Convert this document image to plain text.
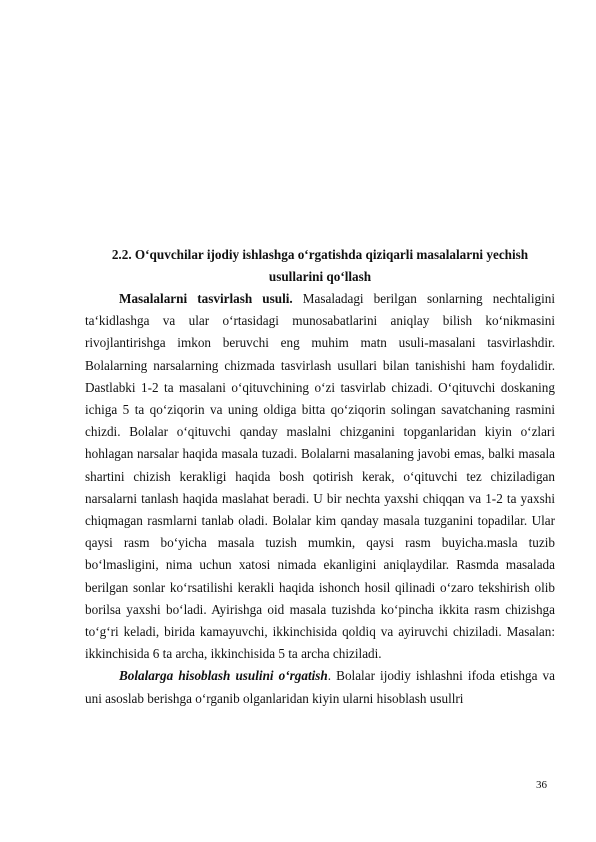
2.2. O‘quvchilar ijodiy ishlashga o‘rgatishda qiziqarli masalalarni yechish

usullarini qo‘llash

Masalalarni tasvirlash usuli. Masaladagi berilgan sonlarning nechtaligini ta‘kidlashga va ular o‘rtasidagi munosabatlarini aniqlay bilish ko‘nikmasini rivojlantirishga imkon beruvchi eng muhim matn usuli-masalani tasvirlashdir. Bolalarning narsalarning chizmada tasvirlash usullari bilan tanishishi ham foydalidir. Dastlabki 1-2 ta masalani o‘qituvchining o‘zi tasvirlab chizadi. O‘qituvchi doskaning ichiga 5 ta qo‘ziqorin va uning oldiga bitta qo‘ziqorin solingan savatchaning rasmini chizdi. Bolalar o‘qituvchi qanday maslalni chizganini topganlaridan kiyin o‘zlari hohlagan narsalar haqida masala tuzadi. Bolalarni masalaning javobi emas, balki masala shartini chizish kerakligi haqida bosh qotirish kerak, o‘qituvchi tez chiziladigan narsalarni tanlash haqida maslahat beradi. U bir nechta yaxshi chiqqan va 1-2 ta yaxshi chiqmagan rasmlarni tanlab oladi. Bolalar kim qanday masala tuzganini topadilar. Ular qaysi rasm bo‘yicha masala tuzish mumkin, qaysi rasm buyicha.masla tuzib bo‘lmasligini, nima uchun xatosi nimada ekanligini aniqlaydilar. Rasmda masalada berilgan sonlar ko‘rsatilishi kerakli haqida ishonch hosil qilinadi o‘zaro tekshirish olib borilsa yaxshi bo‘ladi. Ayirishga oid masala tuzishda ko‘pincha ikkita rasm chizishga to‘g‘ri keladi, birida kamayuvchi, ikkinchisida qoldiq va ayiruvchi chiziladi. Masalan: ikkinchisida 6 ta archa, ikkinchisida 5 ta archa chiziladi.

Bolalarga hisoblash usulini o‘rgatish. Bolalar ijodiy ishlashni ifoda etishga va uni asoslab berishga o‘rganib olganlaridan kiyin ularni hisoblash usullri

36
